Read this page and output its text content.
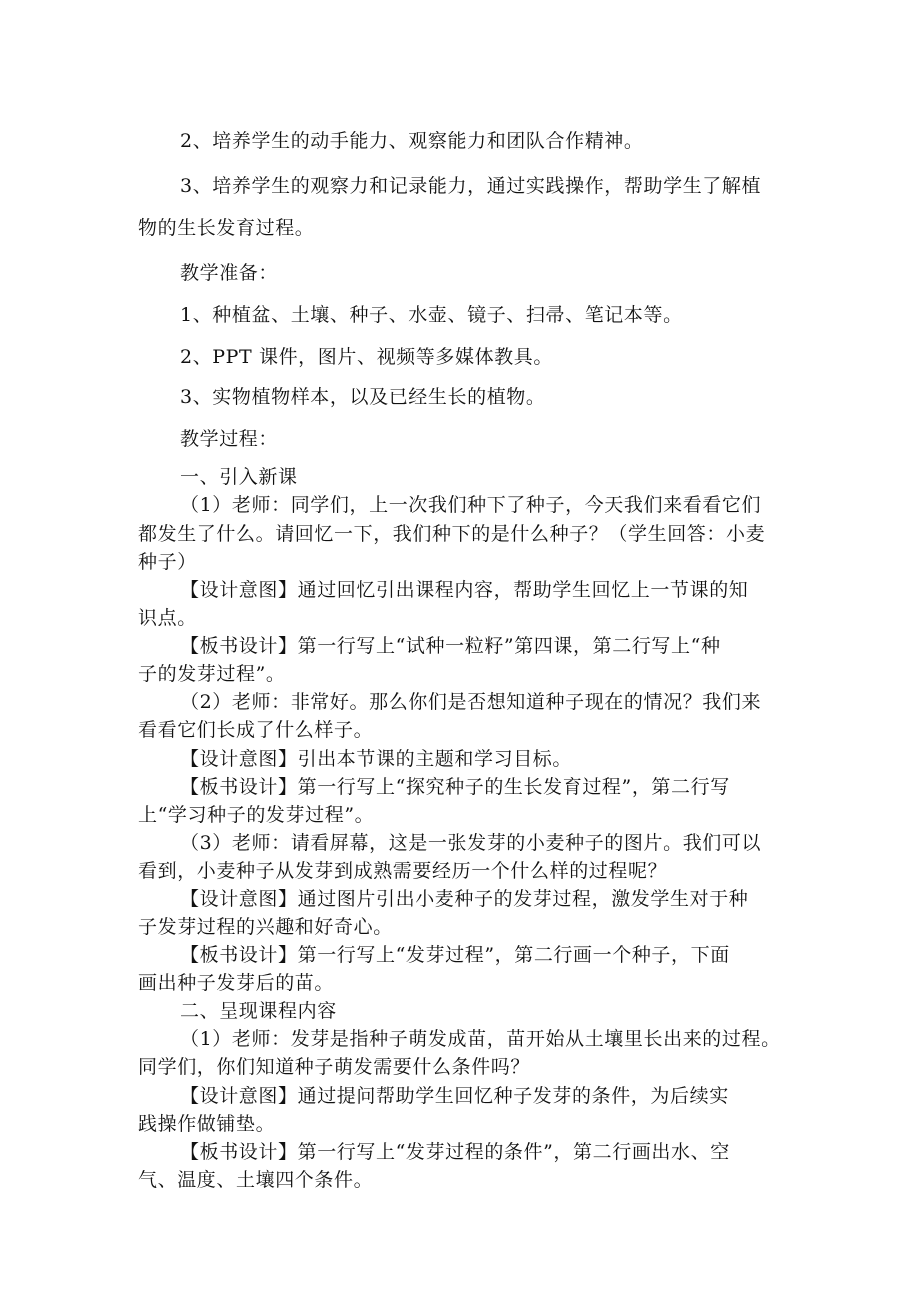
2、培养学生的动手能力、观察能力和团队合作精神。
3、培养学生的观察力和记录能力，通过实践操作，帮助学生了解植
物的生长发育过程。
教学准备：
1、种植盆、土壤、种子、水壶、镜子、扫帚、笔记本等。
2、PPT 课件，图片、视频等多媒体教具。
3、实物植物样本，以及已经生长的植物。
教学过程：
一、引入新课
（1）老师：同学们，上一次我们种下了种子，今天我们来看看它们
都发生了什么。请回忆一下，我们种下的是什么种子？（学生回答：小麦
种子）
【设计意图】通过回忆引出课程内容，帮助学生回忆上一节课的知
识点。
【板书设计】第一行写上“试种一粒籽”第四课，第二行写上“种
子的发芽过程”。
（2）老师：非常好。那么你们是否想知道种子现在的情况？我们来
看看它们长成了什么样子。
【设计意图】引出本节课的主题和学习目标。
【板书设计】第一行写上“探究种子的生长发育过程”，第二行写
上“学习种子的发芽过程”。
（3）老师：请看屏幕，这是一张发芽的小麦种子的图片。我们可以
看到，小麦种子从发芽到成熟需要经历一个什么样的过程呢？
【设计意图】通过图片引出小麦种子的发芽过程，激发学生对于种
子发芽过程的兴趣和好奇心。
【板书设计】第一行写上“发芽过程”，第二行画一个种子，下面
画出种子发芽后的苗。
二、呈现课程内容
（1）老师：发芽是指种子萌发成苗，苗开始从土壤里长出来的过程。
同学们，你们知道种子萌发需要什么条件吗？
【设计意图】通过提问帮助学生回忆种子发芽的条件，为后续实
践操作做铺垫。
【板书设计】第一行写上“发芽过程的条件”，第二行画出水、空
气、温度、土壤四个条件。
